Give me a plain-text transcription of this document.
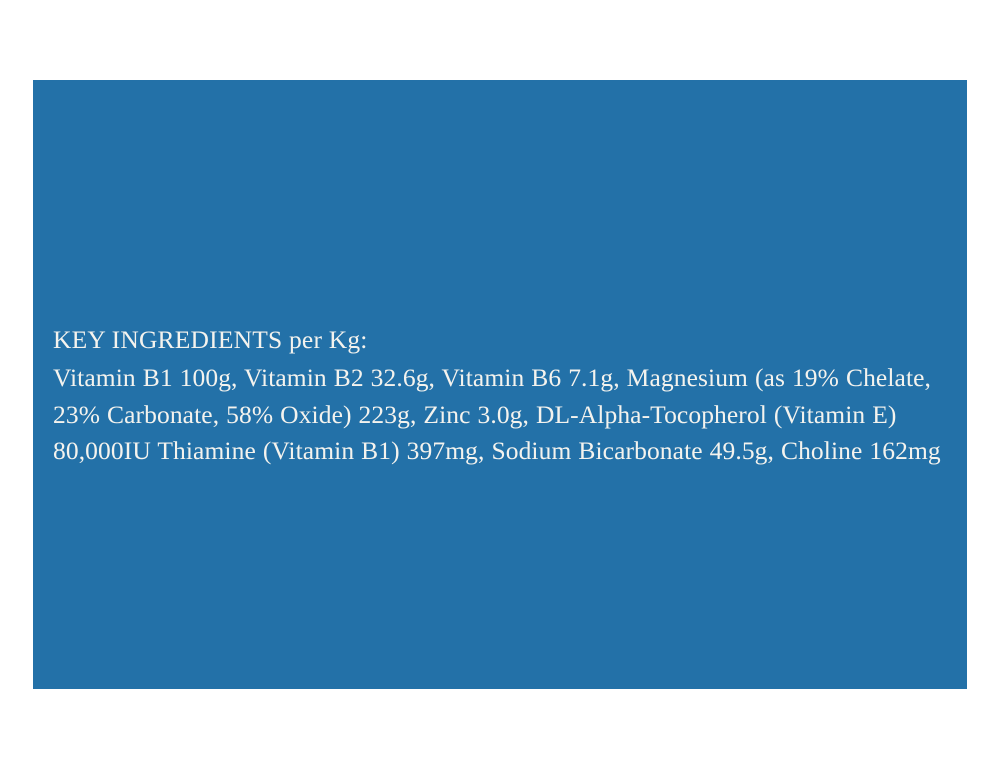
KEY INGREDIENTS per Kg:
Vitamin B1 100g, Vitamin B2 32.6g, Vitamin B6 7.1g, Magnesium (as 19% Chelate, 23% Carbonate, 58% Oxide) 223g, Zinc 3.0g, DL-Alpha-Tocopherol (Vitamin E) 80,000IU Thiamine (Vitamin B1) 397mg, Sodium Bicarbonate 49.5g, Choline 162mg
